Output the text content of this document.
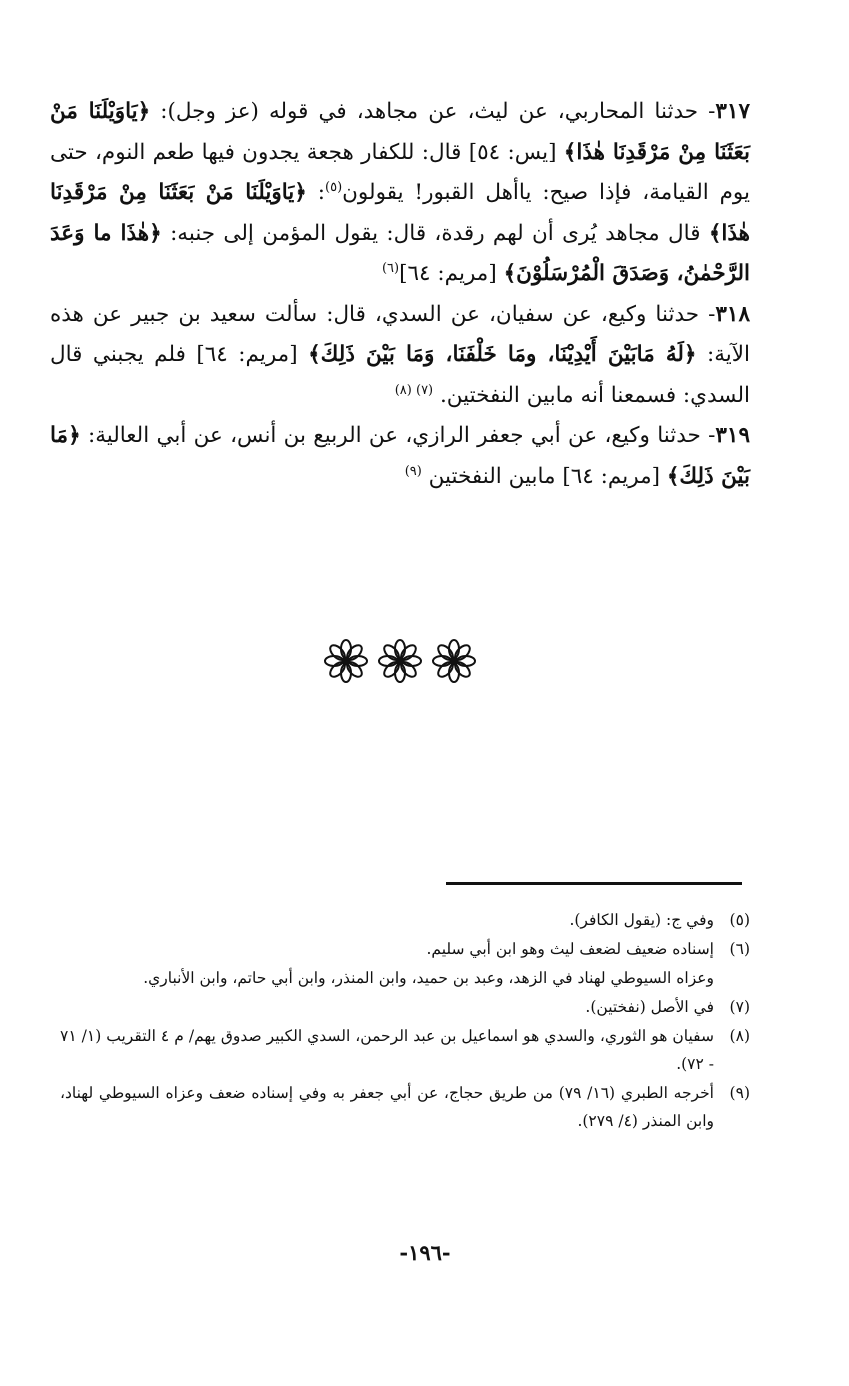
٣١٧- حدثنا المحاربي، عن ليث، عن مجاهد، في قوله (عز وجل): ﴿يَاوَيْلَنَا مَنْ بَعَثَنَا مِنْ مَرْقَدِنَا هٰذَا﴾ [يس: ٥٤] قال: للكفار هجعة يجدون فيها طعم النوم، حتى يوم القيامة، فإذا صيح: ياأهل القبور! يقولون$^{(٥)}$: ﴿يَاوَيْلَنَا مَنْ بَعَثَنَا مِنْ مَرْقَدِنَا هٰذَا﴾ قال مجاهد يُرى أن لهم رقدة، قال: يقول المؤمن إلى جنبه: ﴿هٰذَا ما وَعَدَ الرَّحْمٰنُ، وَصَدَقَ الْمُرْسَلُوْنَ﴾ [مريم: ٦٤]$^{(٦)}$

٣١٨- حدثنا وكيع، عن سفيان، عن السدي، قال: سألت سعيد بن جبير عن هذه الآية: ﴿لَهُ مَابَيْنَ أَيْدِيْنَا، ومَا خَلْفَنَا، وَمَا بَيْنَ ذَلِكَ﴾ [مريم: ٦٤] فلم يجبني قال السدي: فسمعنا أنه مابين النفختين. $^{(٧) (٨)}$

٣١٩- حدثنا وكيع، عن أبي جعفر الرازي، عن الربيع بن أنس، عن أبي العالية: ﴿مَا بَيْنَ ذَلِكَ﴾ [مريم: ٦٤] مابين النفختين $^{(٩)}$

(٥)
وفي ج: (يقول الكافر).
(٦)
إسناده ضعيف لضعف ليث وهو ابن أبي سليم.
وعزاه السيوطي لهناد في الزهد، وعبد بن حميد، وابن المنذر، وابن أبي حاتم، وابن الأنباري.
(٧)
في الأصل (نفختين).
(٨)
سفيان هو الثوري، والسدي هو اسماعيل بن عبد الرحمن، السدي الكبير صدوق يهم/ م ٤ التقريب (١/ ٧١ - ٧٢).
(٩)
أخرجه الطبري (١٦/ ٧٩) من طريق حجاج، عن أبي جعفر به وفي إسناده ضعف وعزاه السيوطي لهناد، وابن المنذر (٤/ ٢٧٩).
-١٩٦-
